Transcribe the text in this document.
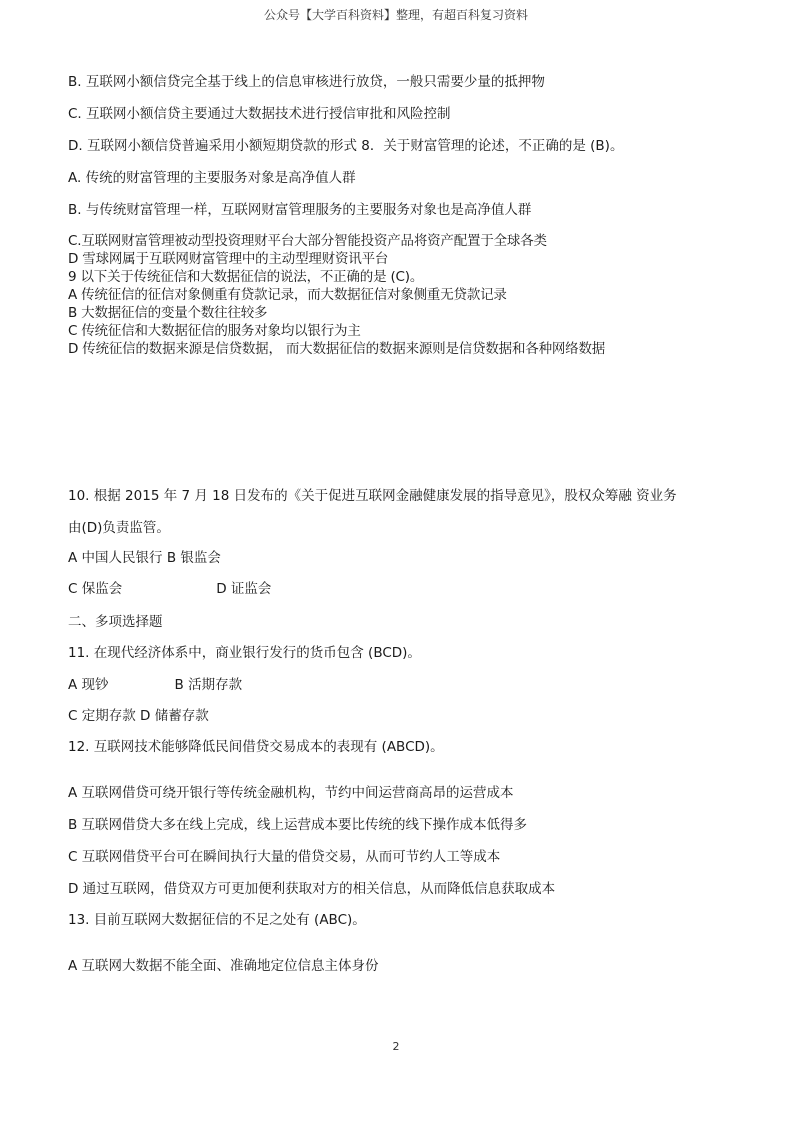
公众号【大学百科资料】整理，有超百科复习资料
B. 互联网小额信贷完全基于线上的信息审核进行放贷，一般只需要少量的抵押物
C. 互联网小额信贷主要通过大数据技术进行授信审批和风险控制
D. 互联网小额信贷普遍采用小额短期贷款的形式 8．关于财富管理的论述，不正确的是 (B)。
A. 传统的财富管理的主要服务对象是高净值人群
B. 与传统财富管理一样，互联网财富管理服务的主要服务对象也是高净值人群
C.互联网财富管理被动型投资理财平台大部分智能投资产品将资产配置于全球各类
D 雪球网属于互联网财富管理中的主动型理财资讯平台
9 以下关于传统征信和大数据征信的说法，不正确的是 (C)。
A 传统征信的征信对象侧重有贷款记录，而大数据征信对象侧重无贷款记录
B 大数据征信的变量个数往往较多
C 传统征信和大数据征信的服务对象均以银行为主
D 传统征信的数据来源是信贷数据， 而大数据征信的数据来源则是信贷数据和各种网络数据
10. 根据 2015 年 7 月 18 日发布的《关于促进互联网金融健康发展的指导意见》，股权众筹融 资业务
由(D)负责监管。
A 中国人民银行 B 银监会
C 保监会	D 证监会
二、多项选择题
11. 在现代经济体系中，商业银行发行的货币包含 (BCD)。
A 现钞	B 活期存款
C 定期存款 D 储蓄存款
12. 互联网技术能够降低民间借贷交易成本的表现有 (ABCD)。
A 互联网借贷可绕开银行等传统金融机构，节约中间运营商高昂的运营成本
B 互联网借贷大多在线上完成，线上运营成本要比传统的线下操作成本低得多
C 互联网借贷平台可在瞬间执行大量的借贷交易，从而可节约人工等成本
D 通过互联网，借贷双方可更加便利获取对方的相关信息，从而降低信息获取成本
13. 目前互联网大数据征信的不足之处有 (ABC)。
A 互联网大数据不能全面、准确地定位信息主体身份
2
